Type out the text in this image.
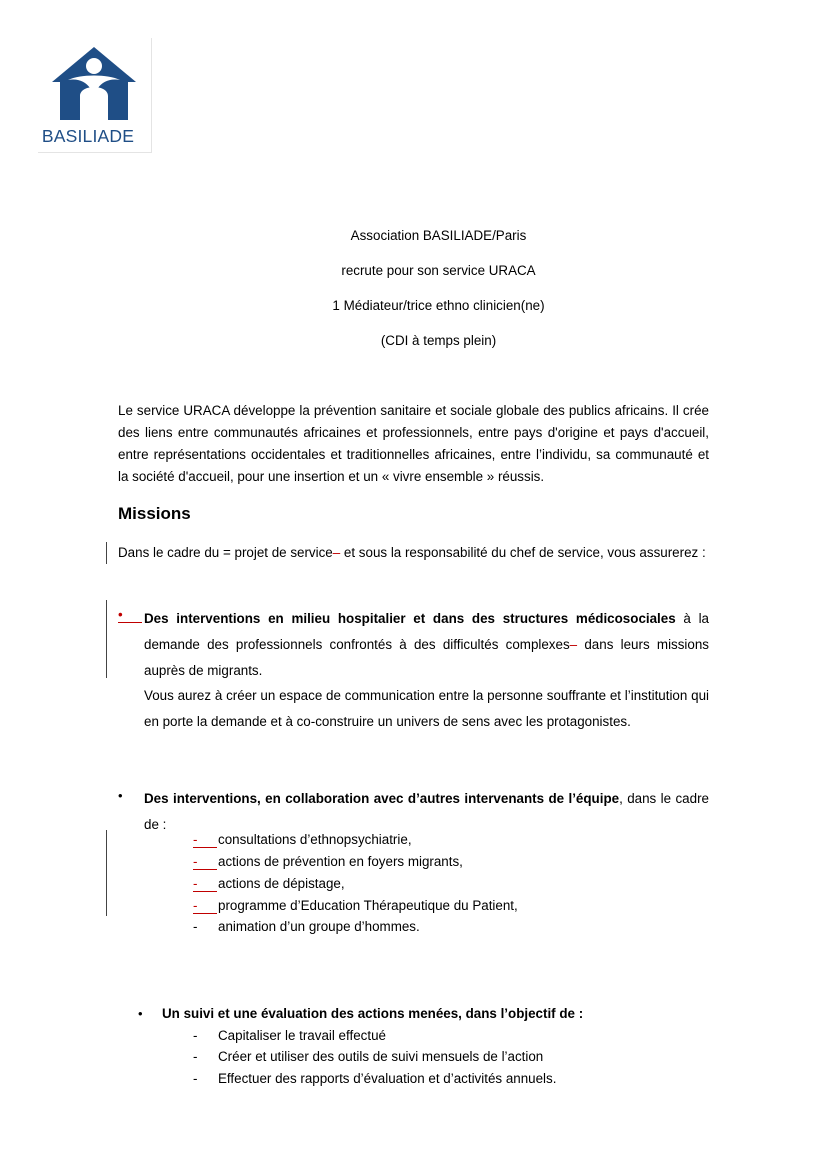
BASILIADE
Association BASILIADE/Paris
recrute pour son service URACA
1 Médiateur/trice ethno clinicien(ne)
(CDI à temps plein)
Le service URACA développe la prévention sanitaire et sociale globale des publics africains. Il crée des liens entre communautés africaines et professionnels, entre pays d'origine et pays d'accueil, entre représentations occidentales et traditionnelles africaines, entre l’individu, sa communauté et la société d'accueil, pour une insertion et un « vivre ensemble » réussis.
Missions
Dans le cadre du = projet de service– et sous la responsabilité du chef de service, vous assurerez :
•	Des interventions en milieu hospitalier et dans des structures médicosociales à la demande des professionnels confrontés à des difficultés complexes– dans leurs missions auprès de migrants.
Vous aurez à créer un espace de communication entre la personne souffrante et l’institution qui en porte la demande et à co-construire un univers de sens avec les protagonistes.
• Des interventions, en collaboration avec d’autres intervenants de l’équipe, dans le cadre de :
-	consultations d’ethnopsychiatrie,
-	actions de prévention en foyers migrants,
-	actions de dépistage,
-	programme d’Education Thérapeutique du Patient,
-	animation d’un groupe d’hommes.
• Un suivi et une évaluation des actions menées, dans l’objectif de :
- Capitaliser le travail effectué
- Créer et utiliser des outils de suivi mensuels de l’action
- Effectuer des rapports d’évaluation et d’activités annuels.
